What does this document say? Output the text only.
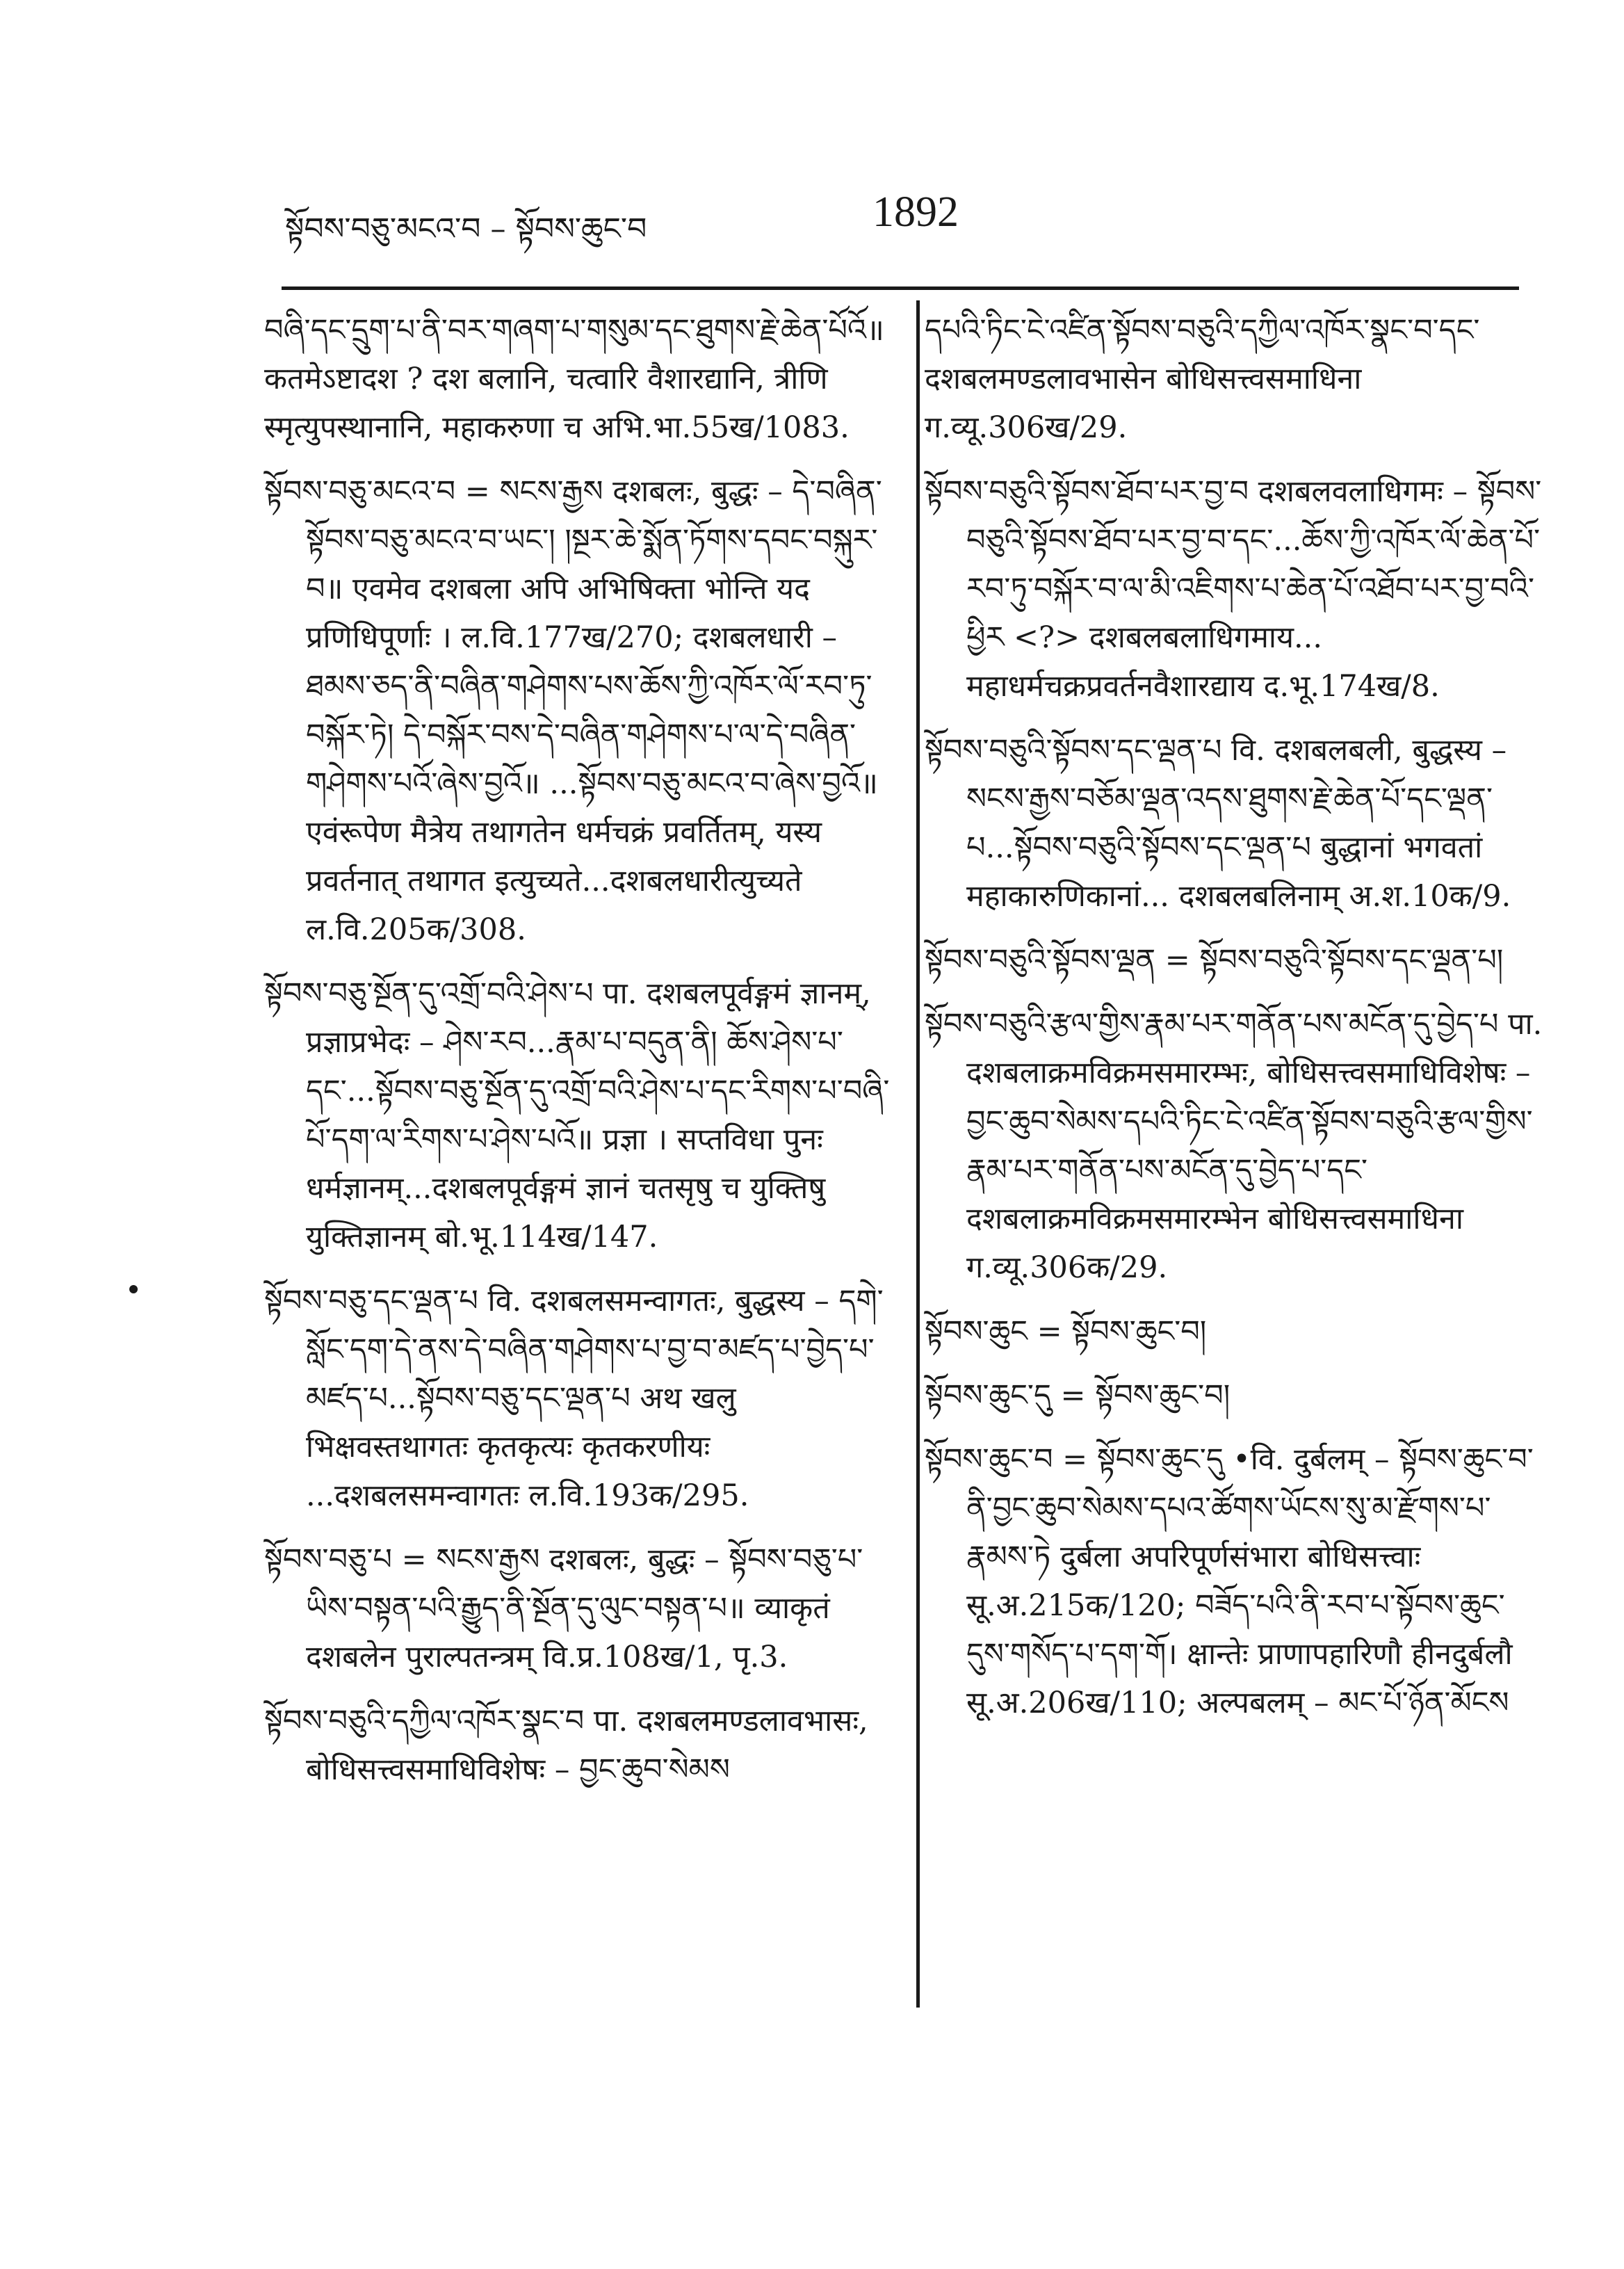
སྟོབས་བཅུ་མངའ་བ – སྟོབས་ཆུང་བ	1892

བཞི་དང་དྲུག་པ་ནི་བར་གཞག་པ་གསུམ་དང་ཐུགས་རྗེ་ཆེན་པོའོ॥ कतमेऽष्टादश ? दश बलानि, चत्वारि वैशारद्यानि, त्रीणि स्मृत्युपस्थानानि, महाकरुणा च अभि.भा.55ख/1083.

སྟོབས་བཅུ་མངའ་བ = སངས་རྒྱས दशबलः, बुद्धः – དེ་བཞིན་སྟོབས་བཅུ་མངའ་བ་ཡང་། །སྔར་ཆེ་སྨོན་ཏོགས་དབང་བསྐུར་བ॥ एवमेव दशबला अपि अभिषिक्ता भोन्ति यद प्रणिधिपूर्णाः । ल.वि.177ख/270; दशबलधारी – ཐམས་ཅད་ནི་བཞིན་གཤེགས་པས་ཆོས་ཀྱི་འཁོར་ལོ་རབ་ཏུ་བསྐོར་ཏེ། དེ་བསྐོར་བས་དེ་བཞིན་གཤེགས་པ་ལ་དེ་བཞིན་གཤེགས་པའོ་ཞེས་བྱའོ॥ ...སྟོབས་བཅུ་མངའ་བ་ཞེས་བྱའོ॥ एवंरूपेण मैत्रेय तथागतेन धर्मचक्रं प्रवर्तितम्, यस्य प्रवर्तनात् तथागत इत्युच्यते...दशबलधारीत्युच्यते ल.वि.205क/308.

སྟོབས་བཅུ་སྔོན་དུ་འགྲོ་བའི་ཤེས་པ पा. दशबलपूर्वङ्गमं ज्ञानम्, प्रज्ञाप्रभेदः – ཤེས་རབ...རྣམ་པ་བདུན་ནི། ཆོས་ཤེས་པ་དང་...སྟོབས་བཅུ་སྔོན་དུ་འགྲོ་བའི་ཤེས་པ་དང་རིགས་པ་བཞི་པོ་དག་ལ་རིགས་པ་ཤེས་པའོ॥ प्रज्ञा । सप्तविधा पुनः धर्मज्ञानम्...दशबलपूर्वङ्गमं ज्ञानं चतसृषु च युक्तिषु युक्तिज्ञानम् बो.भू.114ख/147.

སྟོབས་བཅུ་དང་ལྡན་པ वि. दशबलसमन्वागतः, बुद्धस्य – དགེ་སློང་དག་དེ་ནས་དེ་བཞིན་གཤེགས་པ་བྱ་བ་མཛད་པ་བྱེད་པ་མཛད་པ...སྟོབས་བཅུ་དང་ལྡན་པ अथ खलु भिक्षवस्तथागतः कृतकृत्यः कृतकरणीयः ...दशबलसमन्वागतः ल.वि.193क/295.

སྟོབས་བཅུ་པ = སངས་རྒྱས दशबलः, बुद्धः – སྟོབས་བཅུ་པ་ཡིས་བསྟན་པའི་རྒྱུད་ནི་སྔོན་དུ་ལུང་བསྟན་པ॥ व्याकृतं दशबलेन पुराल्पतन्त्रम् वि.प्र.108ख/1, पृ.3.

སྟོབས་བཅུའི་དཀྱིལ་འཁོར་སྣང་བ पा. दशबलमण्डलावभासः, बोधिसत्त्वसमाधिविशेषः – བྱང་ཆུབ་སེམས

དཔའི་ཏིང་ངེ་འཛིན་སྟོབས་བཅུའི་དཀྱིལ་འཁོར་སྣང་བ་དང་ दशबलमण्डलावभासेन बोधिसत्त्वसमाधिना ग.व्यू.306ख/29.

སྟོབས་བཅུའི་སྟོབས་ཐོབ་པར་བྱ་བ दशबलवलाधिगमः – སྟོབས་བཅུའི་སྟོབས་ཐོབ་པར་བྱ་བ་དང་...ཆོས་ཀྱི་འཁོར་ལོ་ཆེན་པོ་རབ་ཏུ་བསྐོར་བ་ལ་མི་འཇིགས་པ་ཆེན་པོ་འཐོབ་པར་བྱ་བའི་ཕྱིར <?> दशबलबलाधिगमाय... महाधर्मचक्रप्रवर्तनवैशारद्याय द.भू.174ख/8.

སྟོབས་བཅུའི་སྟོབས་དང་ལྡན་པ वि. दशबलबली, बुद्धस्य – སངས་རྒྱས་བཅོམ་ལྡན་འདས་ཐུགས་རྗེ་ཆེན་པོ་དང་ལྡན་པ...སྟོབས་བཅུའི་སྟོབས་དང་ལྡན་པ बुद्धानां भगवतां महाकारुणिकानां... दशबलबलिनाम् अ.श.10क/9.

སྟོབས་བཅུའི་སྟོབས་ལྡན = སྟོབས་བཅུའི་སྟོབས་དང་ལྡན་པ།

སྟོབས་བཅུའི་རྩལ་གྱིས་རྣམ་པར་གནོན་པས་མངོན་དུ་བྱེད་པ पा. दशबलाक्रमविक्रमसमारम्भः, बोधिसत्त्वसमाधिविशेषः – བྱང་ཆུབ་སེམས་དཔའི་ཏིང་ངེ་འཛིན་སྟོབས་བཅུའི་རྩལ་གྱིས་རྣམ་པར་གནོན་པས་མངོན་དུ་བྱེད་པ་དང་ दशबलाक्रमविक्रमसमारम्भेन बोधिसत्त्वसमाधिना ग.व्यू.306क/29.

སྟོབས་ཆུང = སྟོབས་ཆུང་བ།

སྟོབས་ཆུང་དུ = སྟོབས་ཆུང་བ།

སྟོབས་ཆུང་བ = སྟོབས་ཆུང་དུ •वि. दुर्बलम् – སྟོབས་ཆུང་བ་ནི་བྱང་ཆུབ་སེམས་དཔའ་ཚོགས་ཡོངས་སུ་མ་རྫོགས་པ་རྣམས་ཏེ दुर्बला अपरिपूर्णसंभारा बोधिसत्त्वाः सू.अ.215क/120; བཟོད་པའི་ནི་རབ་པ་སྟོབས་ཆུང་དུས་གསོད་པ་དག་གོ। क्षान्तेः प्राणापहारिणौ हीनदुर्बलौ सू.अ.206ख/110; अल्पबलम् – མང་པོ་ཉོན་མོངས
